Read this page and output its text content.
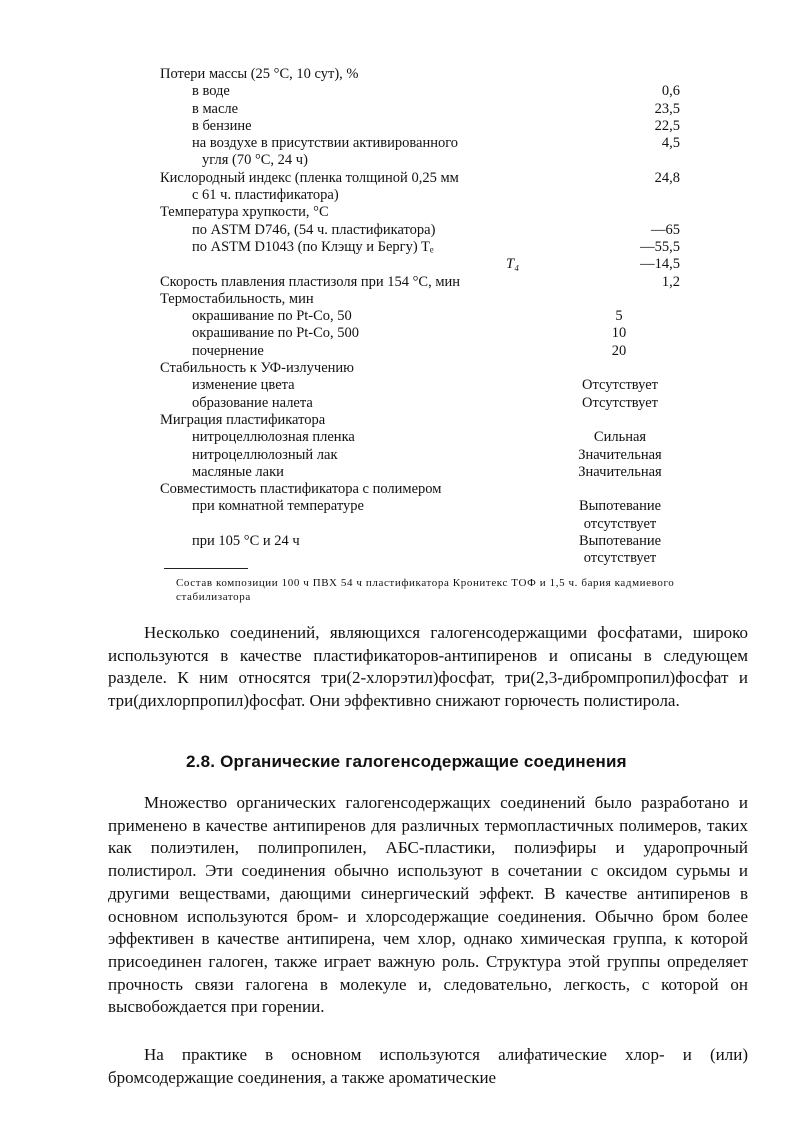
Потери массы (25 °С, 10 сут), %
в воде	0,6
в масле	23,5
в бензине	22,5
на воздухе в присутствии активированного	4,5
угля (70 °С, 24 ч)
Кислородный индекс (пленка толщиной 0,25 мм	24,8
с 61 ч. пластификатора)
Температура хрупкости, °С
по ASTM D746, (54 ч. пластификатора)	—65
по ASTM D1043 (по Клэщу и Бергу) Tₑ	—55,5
T₄	—14,5
Скорость плавления пластизоля при 154 °С, мин	1,2
Термостабильность, мин
окрашивание по Pt-Co, 50	5
окрашивание по Pt-Co, 500	10
почернение	20
Стабильность к УФ-излучению
изменение цвета	Отсутствует
образование налета	Отсутствует
Миграция пластификатора
нитроцеллюлозная пленка	Сильная
нитроцеллюлозный лак	Значительная
масляные лаки	Значительная
Совместимость пластификатора с полимером
при комнатной температуре	Выпотевание
отсутствует
при 105 °С и 24 ч	Выпотевание
отсутствует
Состав композиции 100 ч ПВХ 54 ч пластификатора Кронитекс ТОФ и 1,5 ч. бария кадмиевого стабилизатора

Несколько соединений, являющихся галогенсодержащими фосфатами, широко используются в качестве пластификаторов-антипиренов и описаны в следующем разделе. К ним относятся три(2-хлорэтил)фосфат, три(2,3-дибромпропил)фосфат и три(дихлорпропил)фосфат. Они эффективно снижают горючесть полистирола.

2.8. Органические галогенсодержащие соединения

Множество органических галогенсодержащих соединений было разработано и применено в качестве антипиренов для различных термопластичных полимеров, таких как полиэтилен, полипропилен, АБС-пластики, полиэфиры и ударопрочный полистирол. Эти соединения обычно используют в сочетании с оксидом сурьмы и другими веществами, дающими синергический эффект. В качестве антипиренов в основном используются бром- и хлорсодержащие соединения. Обычно бром более эффективен в качестве антипирена, чем хлор, однако химическая группа, к которой присоединен галоген, также играет важную роль. Структура этой группы определяет прочность связи галогена в молекуле и, следовательно, легкость, с которой он высвобождается при горении.

На практике в основном используются алифатические хлор- и (или) бромсодержащие соединения, а также ароматические
